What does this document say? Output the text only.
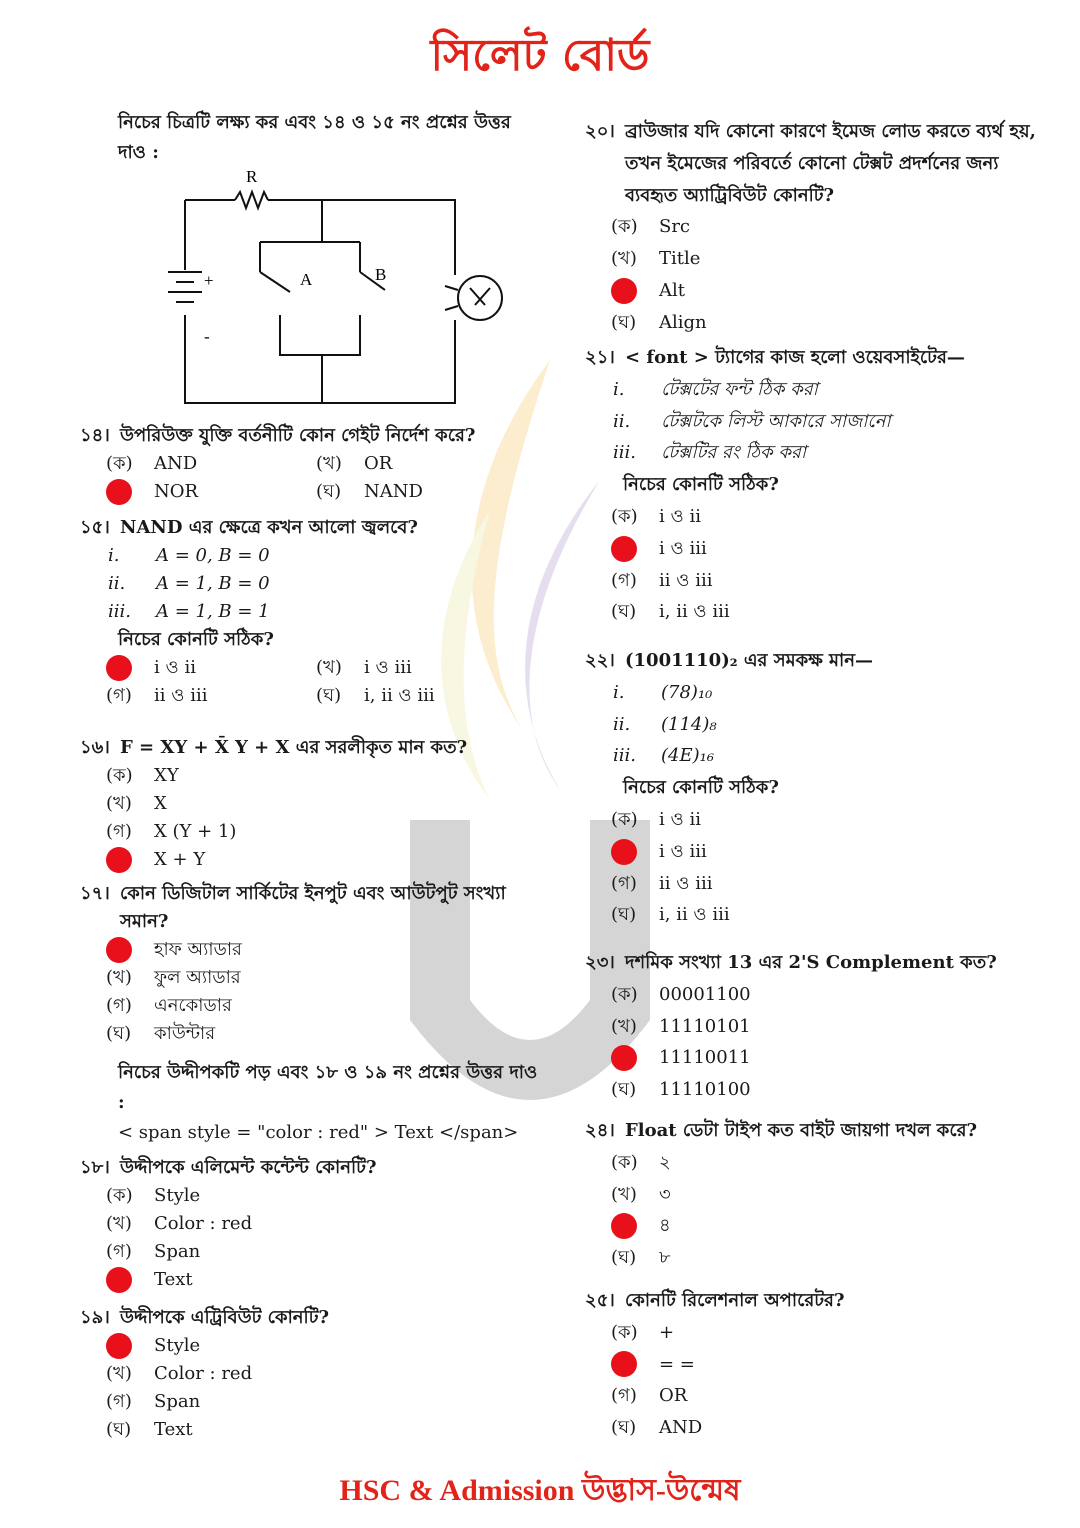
সিলেট বোর্ড
নিচের চিত্রটি লক্ষ্য কর এবং ১৪ ও ১৫ নং প্রশ্নের উত্তর দাও :
R
A	B
+
-
নিচের উদ্দীপকটি পড় এবং ১৮ ও ১৯ নং প্রশ্নের উত্তর দাও :
< span style = "color : red" > Text </span>
১৪। উপরিউক্ত যুক্তি বর্তনীটি কোন গেইট নির্দেশ করে?
(ক)	AND	(খ)	OR
NOR	(ঘ)	NAND
১৫। NAND এর ক্ষেত্রে কখন আলো জ্বলবে?
i.	A = 0, B = 0
ii.	A = 1, B = 0
iii.	A = 1, B = 1
নিচের কোনটি সঠিক?
i ও ii	(খ)	i ও iii
(গ)	ii ও iii	(ঘ)	i, ii ও iii
১৬। F = XY + X̄ Y + X এর সরলীকৃত মান কত?
(ক)	XY
(খ)	X
(গ)	X (Y + 1)
X + Y
১৭। কোন ডিজিটাল সার্কিটের ইনপুট এবং আউটপুট সংখ্যা সমান?
হাফ অ্যাডার
(খ)	ফুল অ্যাডার
(গ)	এনকোডার
(ঘ)	কাউন্টার
১৮। উদ্দীপকে এলিমেন্ট কন্টেন্ট কোনটি?
(ক)	Style
(খ)	Color : red
(গ)	Span
Text
১৯। উদ্দীপকে এট্রিবিউট কোনটি?
Style
(খ)	Color : red
(গ)	Span
(ঘ)	Text
২০। ব্রাউজার যদি কোনো কারণে ইমেজ লোড করতে ব্যর্থ হয়, তখন ইমেজের পরিবর্তে কোনো টেক্সট প্রদর্শনের জন্য ব্যবহৃত অ্যাট্রিবিউট কোনটি?
(ক)	Src
(খ)	Title
Alt
(ঘ)	Align
২১। < font > ট্যাগের কাজ হলো ওয়েবসাইটের—
i.	টেক্সটের ফন্ট ঠিক করা
ii.	টেক্সটকে লিস্ট আকারে সাজানো
iii.	টেক্সটির রং ঠিক করা
নিচের কোনটি সঠিক?
(ক)	i ও ii
i ও iii
(গ)	ii ও iii
(ঘ)	i, ii ও iii
২২। (1001110)₂ এর সমকক্ষ মান—
i.	(78)₁₀
ii.	(114)₈
iii.	(4E)₁₆
নিচের কোনটি সঠিক?
(ক)	i ও ii
i ও iii
(গ)	ii ও iii
(ঘ)	i, ii ও iii
২৩। দশমিক সংখ্যা 13 এর 2'S Complement কত?
(ক)	00001100
(খ)	11110101
11110011
(ঘ)	11110100
২৪। Float ডেটা টাইপ কত বাইট জায়গা দখল করে?
(ক)	২
(খ)	৩
৪
(ঘ)	৮
২৫। কোনটি রিলেশনাল অপারেটর?
(ক)	+
= =
(গ)	OR
(ঘ)	AND
HSC & Admission উদ্ভাস-উন্মেষ
